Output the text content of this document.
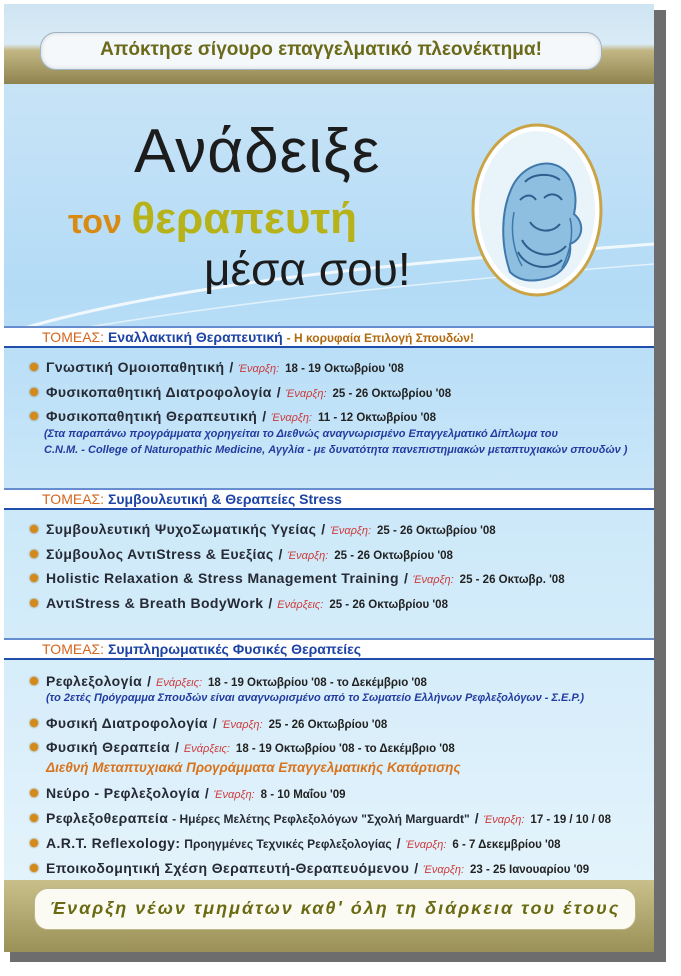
Απόκτησε σίγουρο επαγγελματικό πλεονέκτημα!
Ανάδειξε
τον θεραπευτή
μέσα σου!
ΤΟΜΕΑΣ: Εναλλακτική Θεραπευτική - Η κορυφαία Επιλογή Σπουδών!
Γνωστική Ομοιοπαθητική / Έναρξη: 18 - 19 Οκτωβρίου '08
Φυσικοπαθητική Διατροφολογία / Έναρξη: 25 - 26 Οκτωβρίου '08
Φυσικοπαθητική Θεραπευτική / Έναρξη: 11 - 12 Οκτωβρίου '08
(Στα παραπάνω προγράμματα χορηγείται το Διεθνώς αναγνωρισμένο Επαγγελματικό Δίπλωμα του
C.N.M. - College of Naturopathic Medicine, Αγγλία - με δυνατότητα πανεπιστημιακών μεταπτυχιακών σπουδών )
ΤΟΜΕΑΣ: Συμβουλευτική & Θεραπείες Stress
Συμβουλευτική ΨυχοΣωματικής Υγείας / Έναρξη: 25 - 26 Οκτωβρίου '08
Σύμβουλος ΑντιStress & Ευεξίας / Έναρξη: 25 - 26 Οκτωβρίου '08
Holistic Relaxation & Stress Management Training / Έναρξη: 25 - 26 Οκτωβρ. '08
ΑντιStress & Breath BodyWork / Ενάρξεις: 25 - 26 Οκτωβρίου '08
ΤΟΜΕΑΣ: Συμπληρωματικές Φυσικές Θεραπείες
Ρεφλεξολογία / Ενάρξεις: 18 - 19 Οκτωβρίου '08 - το Δεκέμβριο '08
(το 2ετές Πρόγραμμα Σπουδών είναι αναγνωρισμένο από το Σωματείο Ελλήνων Ρεφλεξολόγων - Σ.Ε.Ρ.)
Φυσική Διατροφολογία / Έναρξη: 25 - 26 Οκτωβρίου '08
Φυσική Θεραπεία / Ενάρξεις: 18 - 19 Οκτωβρίου '08 - το Δεκέμβριο '08
Διεθνή Μεταπτυχιακά Προγράμματα Επαγγελματικής Κατάρτισης
Νεύρο - Ρεφλεξολογία / Έναρξη: 8 - 10 Μαΐου '09
Ρεφλεξοθεραπεία - Ημέρες Μελέτης Ρεφλεξολόγων "Σχολή Marguardt" / Έναρξη: 17 - 19 / 10 / 08
A.R.T. Reflexology: Προηγμένες Τεχνικές Ρεφλεξολογίας / Έναρξη: 6 - 7 Δεκεμβρίου '08
Εποικοδομητική Σχέση Θεραπευτή-Θεραπευόμενου / Έναρξη: 23 - 25 Ιανουαρίου '09
Έναρξη νέων τμημάτων καθ' όλη τη διάρκεια του έτους
